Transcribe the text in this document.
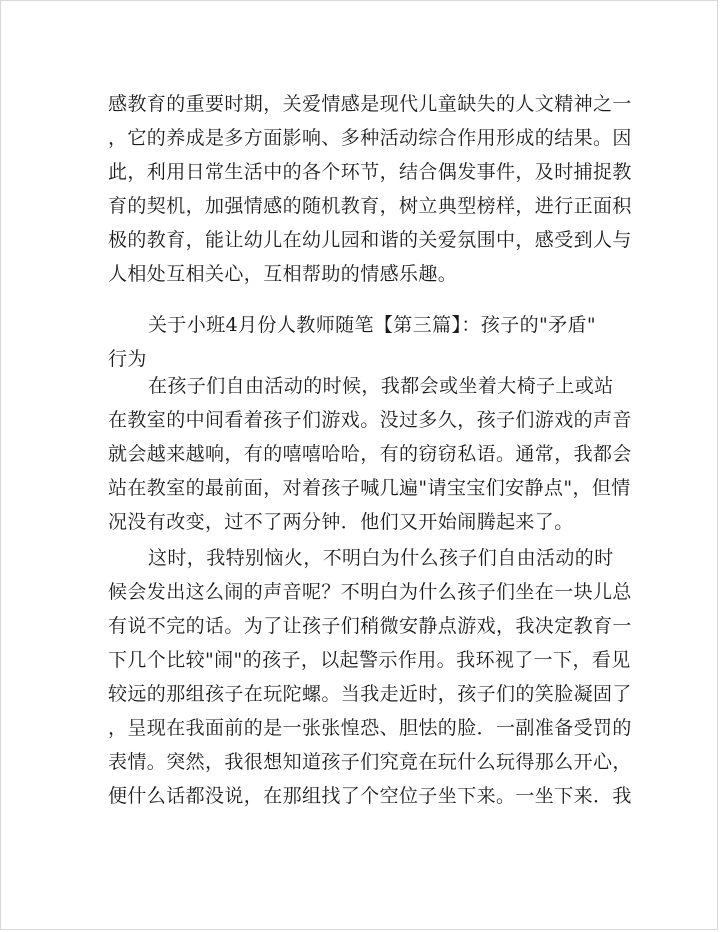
感教育的重要时期，关爱情感是现代儿童缺失的人文精神之一
，它的养成是多方面影响、多种活动综合作用形成的结果。因
此，利用日常生活中的各个环节，结合偶发事件，及时捕捉教
育的契机，加强情感的随机教育，树立典型榜样，进行正面积
极的教育，能让幼儿在幼儿园和谐的关爱氛围中，感受到人与
人相处互相关心，互相帮助的情感乐趣。
关于小班4月份人教师随笔【第三篇】：孩子的"矛盾"
行为
在孩子们自由活动的时候，我都会或坐着大椅子上或站
在教室的中间看着孩子们游戏。没过多久，孩子们游戏的声音
就会越来越响，有的嘻嘻哈哈，有的窃窃私语。通常，我都会
站在教室的最前面，对着孩子喊几遍"请宝宝们安静点"，但情
况没有改变，过不了两分钟．他们又开始闹腾起来了。
这时，我特别恼火，不明白为什么孩子们自由活动的时
候会发出这么闹的声音呢？不明白为什么孩子们坐在一块儿总
有说不完的话。为了让孩子们稍微安静点游戏，我决定教育一
下几个比较"闹"的孩子，以起警示作用。我环视了一下，看见
较远的那组孩子在玩陀螺。当我走近时，孩子们的笑脸凝固了
，呈现在我面前的是一张张惶恐、胆怯的脸．一副准备受罚的
表情。突然，我很想知道孩子们究竟在玩什么玩得那么开心，
便什么话都没说，在那组找了个空位子坐下来。一坐下来．我
